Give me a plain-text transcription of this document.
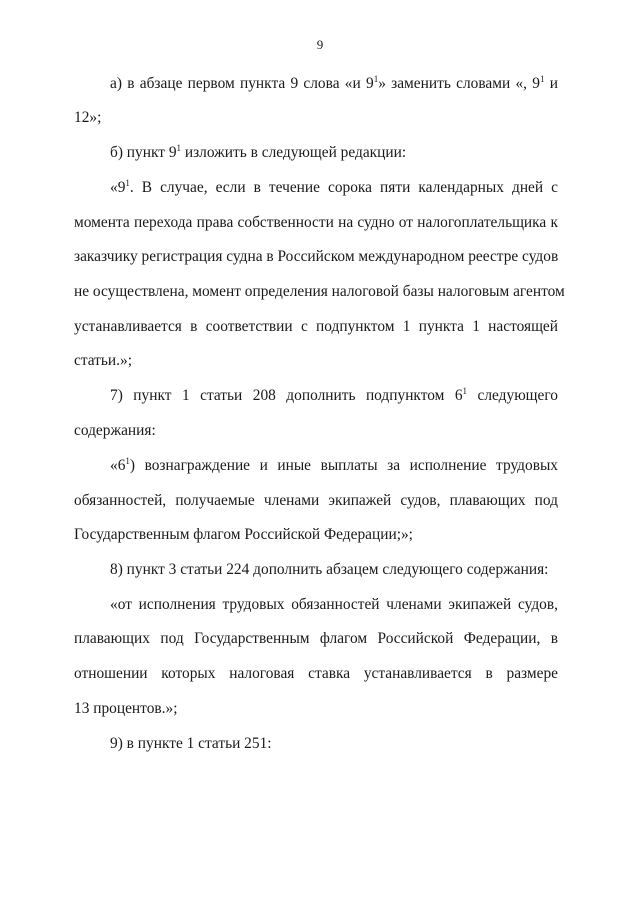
9
а) в абзаце первом пункта 9 слова «и $9^1$» заменить словами «, $9^1$ и
12»;
б) пункт $9^1$ изложить в следующей редакции:
«$9^1$. В случае, если в течение сорока пяти календарных дней с
момента перехода права собственности на судно от налогоплательщика к
заказчику регистрация судна в Российском международном реестре судов
не осуществлена, момент определения налоговой базы налоговым агентом
устанавливается в соответствии с подпунктом 1 пункта 1 настоящей
статьи.»;
7) пункт 1 статьи 208 дополнить подпунктом $6^1$ следующего
содержания:
«$6^1$) вознаграждение и иные выплаты за исполнение трудовых
обязанностей, получаемые членами экипажей судов, плавающих под
Государственным флагом Российской Федерации;»;
8) пункт 3 статьи 224 дополнить абзацем следующего содержания:
«от исполнения трудовых обязанностей членами экипажей судов,
плавающих под Государственным флагом Российской Федерации, в
отношении которых налоговая ставка устанавливается в размере
13 процентов.»;
9) в пункте 1 статьи 251:
